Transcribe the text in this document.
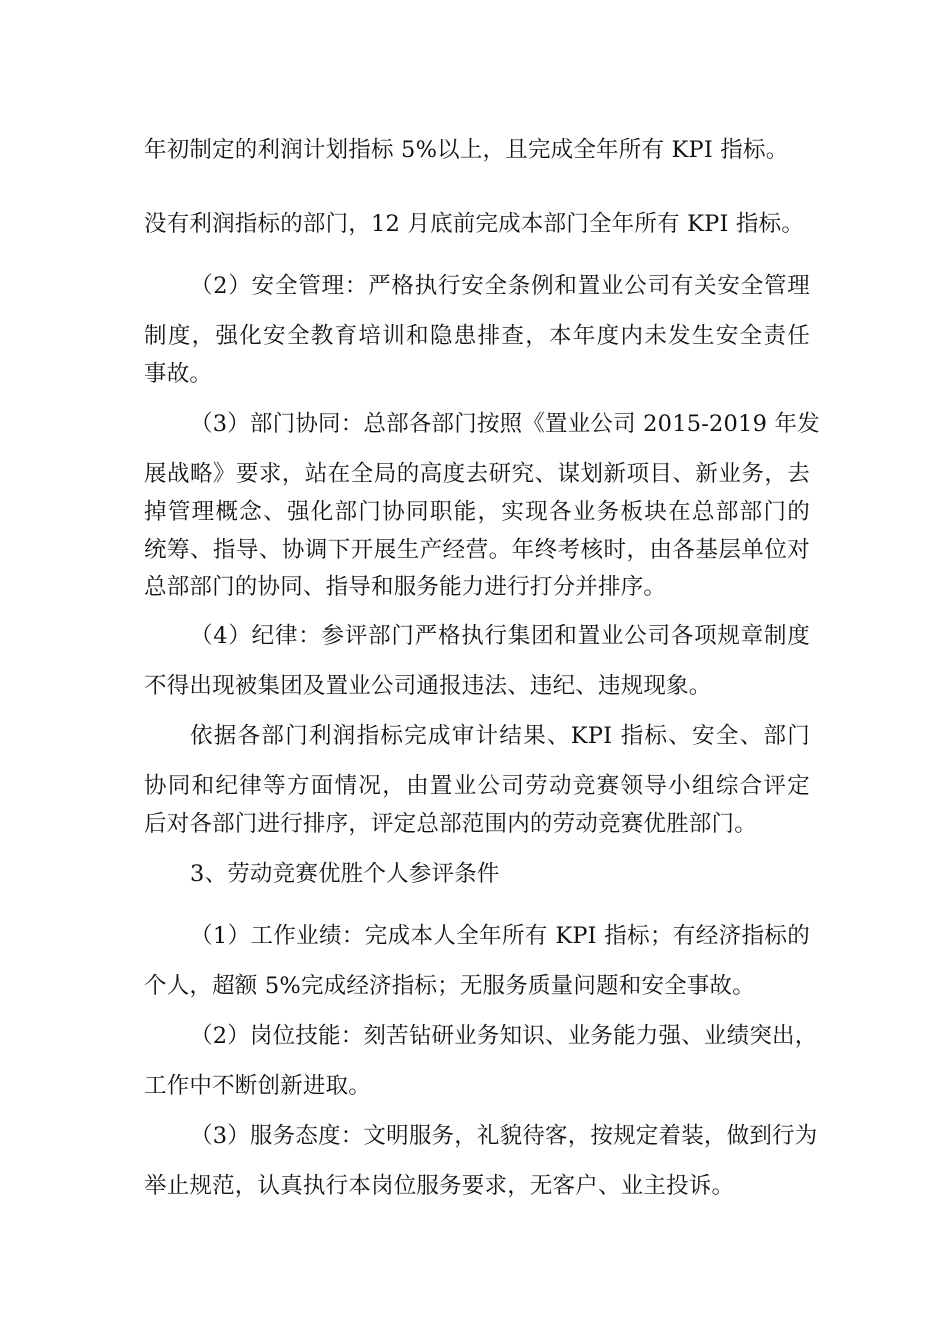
年初制定的利润计划指标 5%以上，且完成全年所有 KPI 指标。
没有利润指标的部门，12 月底前完成本部门全年所有 KPI 指标。
（2）安全管理：严格执行安全条例和置业公司有关安全管理
制度，强化安全教育培训和隐患排查，本年度内未发生安全责任
事故。
（3）部门协同：总部各部门按照《置业公司 2015-2019 年发
展战略》要求，站在全局的高度去研究、谋划新项目、新业务，去
掉管理概念、强化部门协同职能，实现各业务板块在总部部门的
统筹、指导、协调下开展生产经营。年终考核时，由各基层单位对
总部部门的协同、指导和服务能力进行打分并排序。
（4）纪律：参评部门严格执行集团和置业公司各项规章制度
不得出现被集团及置业公司通报违法、违纪、违规现象。
依据各部门利润指标完成审计结果、KPI 指标、安全、部门
协同和纪律等方面情况，由置业公司劳动竞赛领导小组综合评定
后对各部门进行排序，评定总部范围内的劳动竞赛优胜部门。
3、劳动竞赛优胜个人参评条件
（1）工作业绩：完成本人全年所有 KPI 指标；有经济指标的
个人，超额 5%完成经济指标；无服务质量问题和安全事故。
（2）岗位技能：刻苦钻研业务知识、业务能力强、业绩突出，
工作中不断创新进取。
（3）服务态度：文明服务，礼貌待客，按规定着装，做到行为
举止规范，认真执行本岗位服务要求，无客户、业主投诉。
